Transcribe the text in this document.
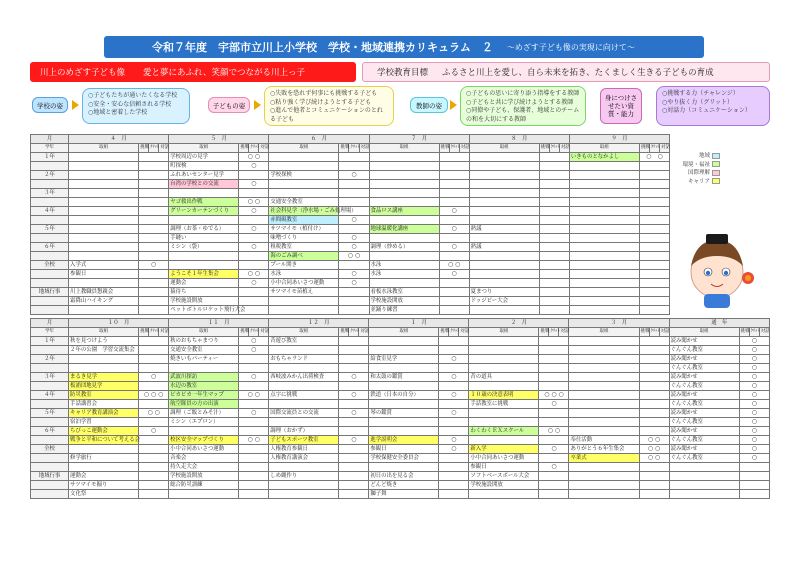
令和７年度　宇部市立川上小学校　学校・地域連携カリキュラム　２ ～めざす子ども像の実現に向けて～
川上のめざす子ども像 愛と夢にあふれ、笑顔でつながる川上っ子	学校教育目標 ふるさと川上を愛し、自ら未来を拓き、たくましく生きる子どもの育成
学校の姿
○子どもたちが通いたくなる学校
○安全・安心な信頼される学校
○地域と密着した学校
子どもの姿
○失敗を恐れず何事にも挑戦する子ども
○粘り強く学び続けようとする子ども
○進んで他者とコミュニケーションのとれる子ども
教師の姿
○子どもの思いに寄り添う指導をする教師
○子どもと共に学び続けようとする教師
○同僚や子ども、保護者、地域とのチームの和を大切にする教師
身につけさせたい資質・能力
○挑戦する力（チャレンジ）
○やり抜く力（グリット）
○対話力（コミュニケーション）
地域
環境・福祉
国際理解
キャリア
月	４　月				５　月				６　月				７　月				８　月				９　月			
学年	取組	挑戦	ｸﾘｯﾄ	対話	取組	挑戦	ｸﾘｯﾄ	対話	取組	挑戦	ｸﾘｯﾄ	対話	取組	挑戦	ｸﾘｯﾄ	対話	取組	挑戦	ｸﾘｯﾄ	対話	取組	挑戦	ｸﾘｯﾄ	対話
１年					学校周辺の見学	○ ○															いきものとなかよし	○　○		
					町探検	○																		
２年					ふれあいセンター見学				学校探検	○														
					台湾の学校との交流	○																		
３年																								
					ヤゴ救出作戦	○ ○			交通安全教室															
４年					グリーンカーテンづくり	○			社会科見学（浄水場・ごみ処理場）				食品ロス講座	○										
									赤間硯教室	○														
５年					調理（お茶・ゆでる）	○			サツマイモ（植付け）				地球温暖化講座	○			熟議							
					手縫い				味噌づくり	○														
６年					ミシン（袋）	○			租税教室	○			調理（炒める）	○			熟議							
									海のごみ調べ	○ ○														
全校	入学式	○							プール開き				水泳	○ ○										
	参観日				ようこそ１年生集会	○ ○			水泳	○			水泳	○										
					運動会	○			小中合同あいさつ運動	○														
地域行事	川上教職員懇親会				猿待ち				サツマイモ苗植え				看板水泳教室				夏まつり							
	霜降山ハイキング				学校施設開放								学校施設開放				ドッジビー大会							
					ペットボトルロケット飛行大会								並踊り練習											
月	１０　月				１１　月				１２　月				１　月				２　月				３　月				通　年			
学年	取組	挑戦	ｸﾘｯﾄ	対話	取組	挑戦	ｸﾘｯﾄ	対話	取組	挑戦	ｸﾘｯﾄ	対話	取組	挑戦	ｸﾘｯﾄ	対話	取組	挑戦	ｸﾘｯﾄ	対話	取組	挑戦	ｸﾘｯﾄ	対話	取組	挑戦	ｸﾘｯﾄ	対話
１年	秋を見つけよう				秋のおもちゃまつり	○			昔遊び教室																読み聞かせ	○		
	２年の公園　学習交流集会				交通安全教室	○																			ぐんぐん教室	○		
２年					焼きいもパーティー				おもちゃランド				給食室見学	○											読み聞かせ	○		
																									ぐんぐん教室	○		
３年	まるき見学	○			武波川探訪	○			西岐波みかん出荷検査	○			和太鼓の鑑賞	○			昔の道具								読み聞かせ	○		
	板浦団地見学				水辺の教室																				ぐんぐん教室	○		
４年	防災教室	○ ○ ○			ピカピカ一年生マップ	○ ○			点字に挑戦	○			鉄道（日本の自分）	○			１０歳の決意表明	○ ○ ○							読み聞かせ	○		
	手話講習会				航空隊員の方の出演												手話教室に挑戦	○							ぐんぐん教室	○		
５年	キャリア教育講演会	○ ○			調理（ご飯とみそ汁）	○			国際交流員との交流	○			琴の鑑賞	○											読み聞かせ	○		
	宿泊学習				ミシン（エプロン）																				ぐんぐん教室	○		
６年	ちびっこ運動会	○							調理（おかず）								わくわくＥＸスクール	○ ○							読み聞かせ	○		
	戦争と平和について考える会				校区安全マップづくり	○ ○			子どもスポーツ教室	○			進学説明会	○							奉仕活動	○ ○			ぐんぐん教室	○		
全校					小中合同あいさつ運動				人権教育参観日				参観日	○			新入学	○			ありがとう６年生集会	○ ○			読み聞かせ	○		
	修学旅行				音楽会				人権教育講演会				学校保健安全委員会				小中合同あいさつ運動				卒業式	○ ○			ぐんぐん教室	○		
					持久走大会												参観日	○										
地域行事	運動会				学校施設開放				しめ縄作り				初日の出を見る会				ソフトベースボール大会											
	サツマイモ掘り				総合防災訓練								どんど焼き				学校施設開放											
	文化祭												獅子舞															
